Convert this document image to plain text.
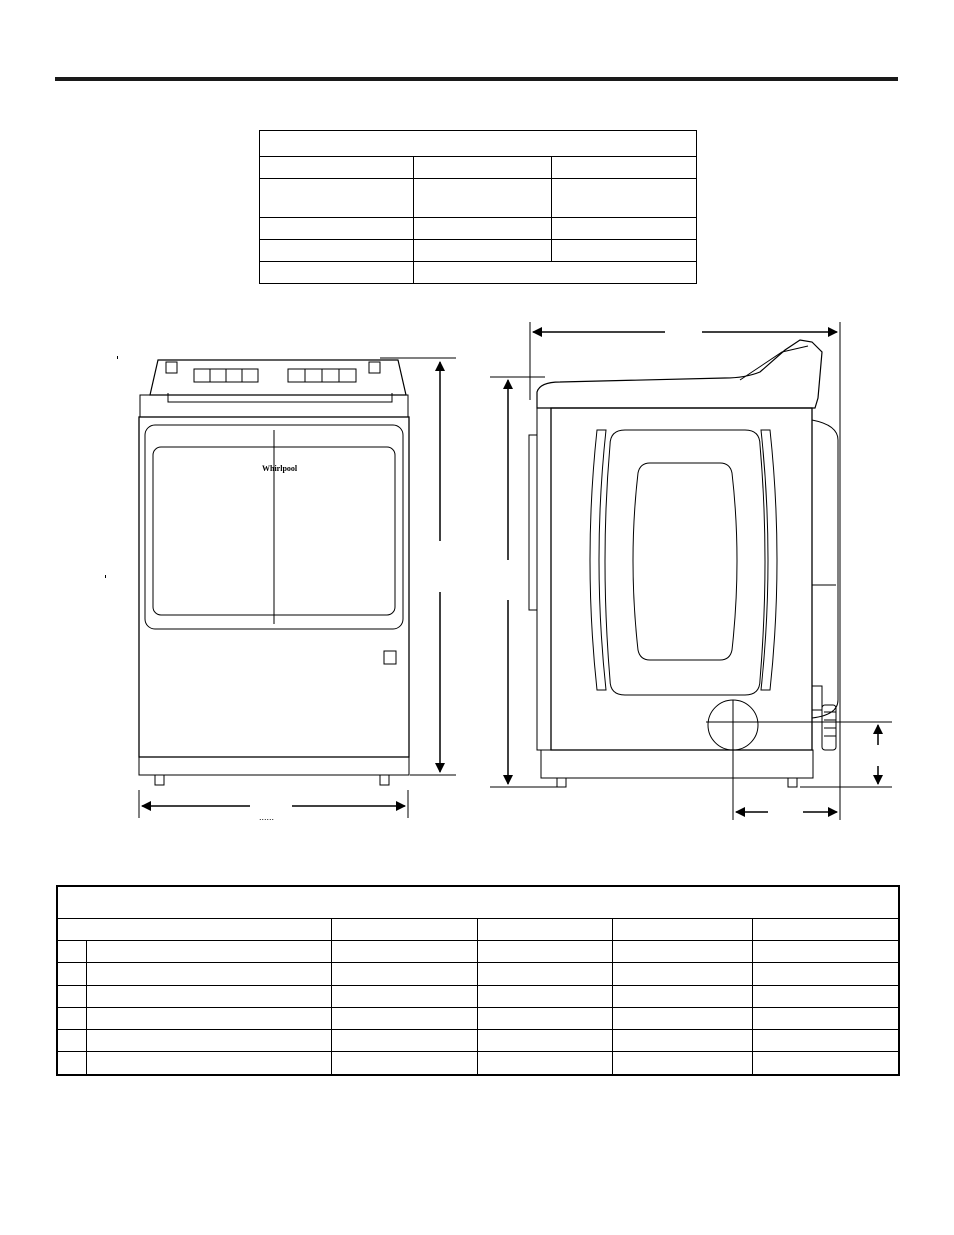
Whirlpool
......
